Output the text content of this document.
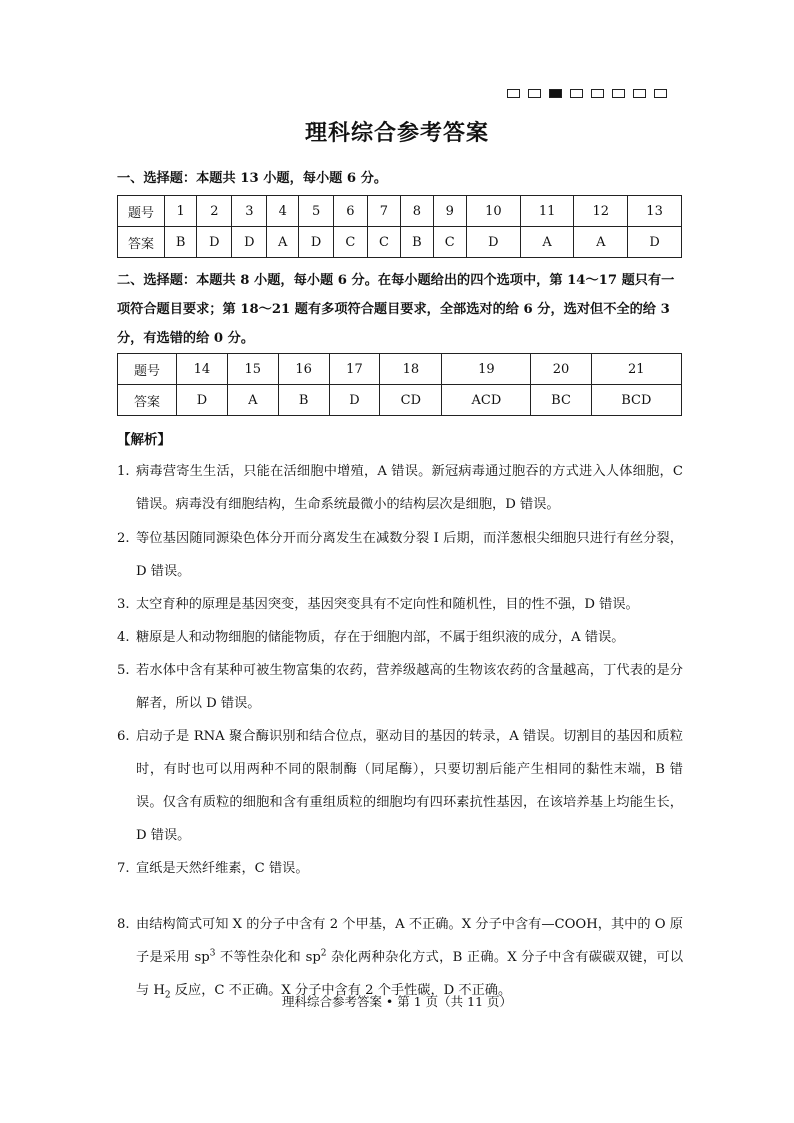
理科综合参考答案
一、选择题：本题共 13 小题，每小题 6 分。
题号	1	2	3	4	5	6	7	8	9	10	11	12	13
答案	B	D	D	A	D	C	C	B	C	D	A	A	D
二、选择题：本题共 8 小题，每小题 6 分。在每小题给出的四个选项中，第 14～17 题只有一项符合题目要求；第 18～21 题有多项符合题目要求，全部选对的给 6 分，选对但不全的给 3 分，有选错的给 0 分。
题号	14	15	16	17	18	19	20	21
答案	D	A	B	D	CD	ACD	BC	BCD
【解析】
1. 病毒营寄生生活，只能在活细胞中增殖，A 错误。新冠病毒通过胞吞的方式进入人体细胞，C 错误。病毒没有细胞结构，生命系统最微小的结构层次是细胞，D 错误。
2. 等位基因随同源染色体分开而分离发生在减数分裂 I 后期，而洋葱根尖细胞只进行有丝分裂，D 错误。
3. 太空育种的原理是基因突变，基因突变具有不定向性和随机性，目的性不强，D 错误。
4. 糖原是人和动物细胞的储能物质，存在于细胞内部，不属于组织液的成分，A 错误。
5. 若水体中含有某种可被生物富集的农药，营养级越高的生物该农药的含量越高，丁代表的是分解者，所以 D 错误。
6. 启动子是 RNA 聚合酶识别和结合位点，驱动目的基因的转录，A 错误。切割目的基因和质粒时，有时也可以用两种不同的限制酶（同尾酶），只要切割后能产生相同的黏性末端，B 错误。仅含有质粒的细胞和含有重组质粒的细胞均有四环素抗性基因，在该培养基上均能生长，D 错误。
7. 宣纸是天然纤维素，C 错误。
8. 由结构简式可知 X 的分子中含有 2 个甲基，A 不正确。X 分子中含有—COOH，其中的 O 原子是采用 $sp^3$ 不等性杂化和 $sp^2$ 杂化两种杂化方式，B 正确。X 分子中含有碳碳双键，可以与 $H_2$ 反应，C 不正确。X 分子中含有 2 个手性碳，D 不正确。
理科综合参考答案 • 第 1 页（共 11 页）
